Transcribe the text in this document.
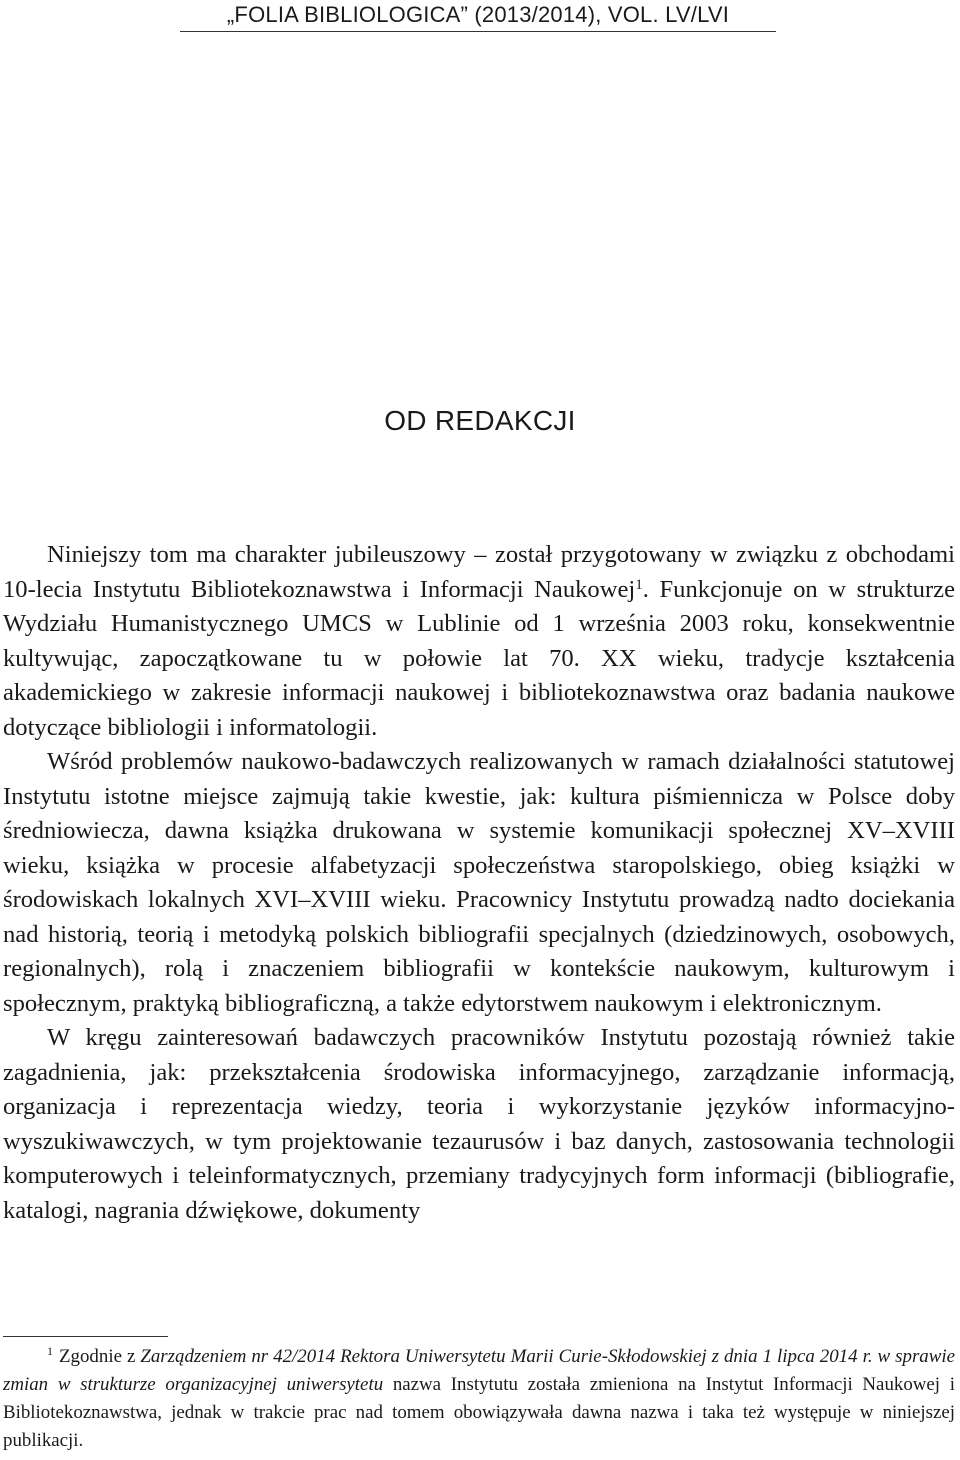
„FOLIA BIBLIOLOGICA” (2013/2014), VOL. LV/LVI
OD REDAKCJI

Niniejszy tom ma charakter jubileuszowy – został przygotowany w związku z obchodami 10-lecia Instytutu Bibliotekoznawstwa i Informacji Naukowej$^1$. Funkcjonuje on w strukturze Wydziału Humanistycznego UMCS w Lublinie od 1 września 2003 roku, konsekwentnie kultywując, zapoczątkowane tu w połowie lat 70. XX wieku, tradycje kształcenia akademickiego w zakresie informacji naukowej i bibliotekoznawstwa oraz badania naukowe dotyczące bibliologii i informatologii.

Wśród problemów naukowo-badawczych realizowanych w ramach działalności statutowej Instytutu istotne miejsce zajmują takie kwestie, jak: kultura piśmiennicza w Polsce doby średniowiecza, dawna książka drukowana w systemie komunikacji społecznej XV–XVIII wieku, książka w procesie alfabetyzacji społeczeństwa staropolskiego, obieg książki w środowiskach lokalnych XVI–XVIII wieku. Pracownicy Instytutu prowadzą nadto dociekania nad historią, teorią i metodyką polskich bibliografii specjalnych (dziedzinowych, osobowych, regionalnych), rolą i znaczeniem bibliografii w kontekście naukowym, kulturowym i społecznym, praktyką bibliograficzną, a także edytorstwem naukowym i elektronicznym.

W kręgu zainteresowań badawczych pracowników Instytutu pozostają również takie zagadnienia, jak: przekształcenia środowiska informacyjnego, zarządzanie informacją, organizacja i reprezentacja wiedzy, teoria i wykorzystanie języków informacyjno-wyszukiwawczych, w tym projektowanie tezaurusów i baz danych, zastosowania technologii komputerowych i teleinformatycznych, przemiany tradycyjnych form informacji (bibliografie, katalogi, nagrania dźwiękowe, dokumenty

$^1$ Zgodnie z Zarządzeniem nr 42/2014 Rektora Uniwersytetu Marii Curie-Skłodowskiej z dnia 1 lipca 2014 r. w sprawie zmian w strukturze organizacyjnej uniwersytetu nazwa Instytutu została zmieniona na Instytut Informacji Naukowej i Bibliotekoznawstwa, jednak w trakcie prac nad tomem obowiązywała dawna nazwa i taka też występuje w niniejszej publikacji.
